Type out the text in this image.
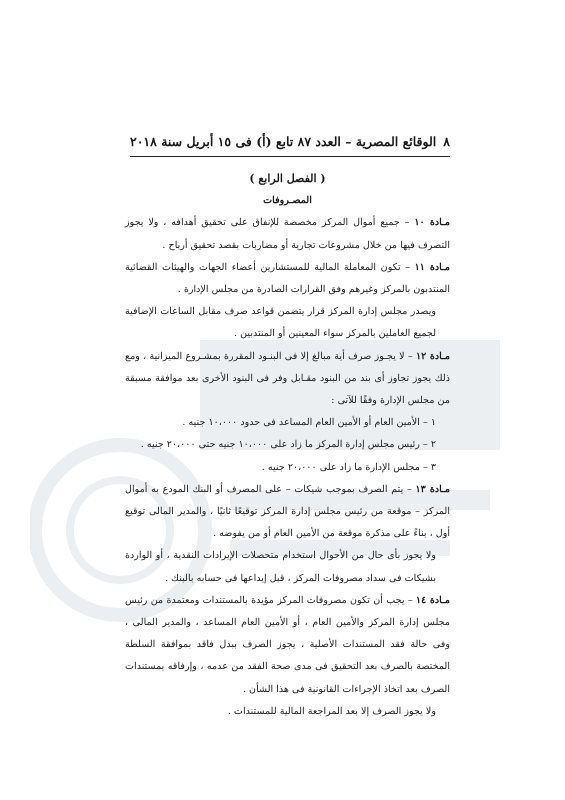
٨
الوقائع المصرية – العدد ٨٧ تابع (أ) فى ١٥ أبريل سنة ٢٠١٨

( الفصل الرابع )

المصـروفات

مـادة ١٠ – جميع أموال المركز مخصصة للإنفاق على تحقيق أهدافه ، ولا يجوز التصرف فيها من خلال مشروعات تجارية أو مضاربات بقصد تحقيق أرباح .

مـادة ١١ – تكون المعاملة المالية للمستشارين أعضاء الجهات والهيئات القضائية المنتدبون بالمركز وغيرهم وفق القرارات الصادرة من مجلس الإدارة .

ويصدر مجلس إدارة المركز قرار يتضمن قواعد صرف مقابل الساعات الإضافية لجميع العاملين بالمركز سواء المعينين أو المنتدبين .

مـادة ١٢ – لا يجـوز صرف أية مبالغ إلا فى البنـود المقررة بمشـروع الميزانية ، ومع ذلك يجوز تجاوز أى بند من البنود مقـابل وفر فى البنود الأخرى بعد موافقة مسبقة من مجلس الإدارة وفقًا للآتى :

١ – الأمين العام أو الأمين العام المساعد فى حدود ١٠،٠٠٠ جنيه .

٢ – رئيس مجلس إدارة المركز ما زاد على ١٠،٠٠٠ جنيه حتى ٢٠،٠٠٠ جنيه .

٣ – مجلس الإدارة ما زاد على ٢٠،٠٠٠ جنيه .

مـادة ١٣ – يتم الصرف بموجب شيكات – على المصرف أو البنك المودع به أموال المركز – موقعة من رئيس مجلس إدارة المركز توقيعًا ثانيًا ، والمدير المالى توقيع أول ، بناءً على مذكرة موقعة من الأمين العام أو من يفوضه .

ولا يجوز بأى حال من الأحوال استخدام متحصلات الإيرادات النقدية ، أو الواردة بشيكات فى سداد مصروفات المركز ، قبل إيداعها فى حسابه بالبنك .

مـادة ١٤ – يجب أن تكون مصروفات المركز مؤيدة بالمستندات ومعتمدة من رئيس مجلس إدارة المركز والأمين العام ، أو الأمين العام المساعد ، والمدير المالى ، وفى حالة فقد المستندات الأصلية ، يجوز الصرف ببدل فاقد بموافقة السلطة المختصة بالصرف بعد التحقيق فى مدى صحة الفقد من عدمه ، وإرفاقه بمستندات الصرف بعد اتخاذ الإجراءات القانونية فى هذا الشأن .

ولا يجوز الصرف إلا بعد المراجعة المالية للمستندات .
